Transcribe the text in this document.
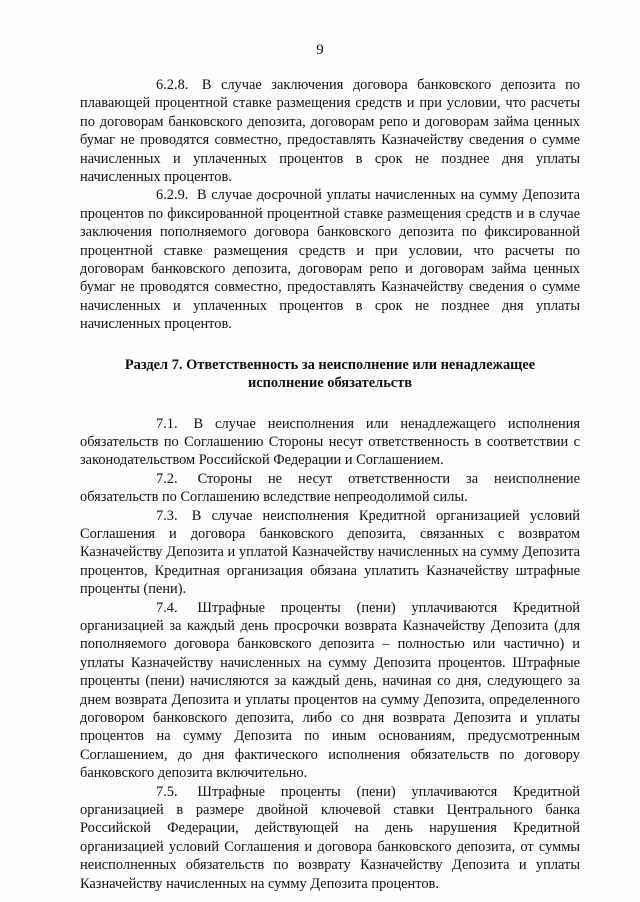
9

6.2.8. В случае заключения договора банковского депозита по плавающей процентной ставке размещения средств и при условии, что расчеты по договорам банковского депозита, договорам репо и договорам займа ценных бумаг не проводятся совместно, предоставлять Казначейству сведения о сумме начисленных и уплаченных процентов в срок не позднее дня уплаты начисленных процентов.

6.2.9. В случае досрочной уплаты начисленных на сумму Депозита процентов по фиксированной процентной ставке размещения средств и в случае заключения пополняемого договора банковского депозита по фиксированной процентной ставке размещения средств и при условии, что расчеты по договорам банковского депозита, договорам репо и договорам займа ценных бумаг не проводятся совместно, предоставлять Казначейству сведения о сумме начисленных и уплаченных процентов в срок не позднее дня уплаты начисленных процентов.

Раздел 7. Ответственность за неисполнение или ненадлежащее исполнение обязательств

7.1. В случае неисполнения или ненадлежащего исполнения обязательств по Соглашению Стороны несут ответственность в соответствии с законодательством Российской Федерации и Соглашением.

7.2. Стороны не несут ответственности за неисполнение обязательств по Соглашению вследствие непреодолимой силы.

7.3. В случае неисполнения Кредитной организацией условий Соглашения и договора банковского депозита, связанных с возвратом Казначейству Депозита и уплатой Казначейству начисленных на сумму Депозита процентов, Кредитная организация обязана уплатить Казначейству штрафные проценты (пени).

7.4. Штрафные проценты (пени) уплачиваются Кредитной организацией за каждый день просрочки возврата Казначейству Депозита (для пополняемого договора банковского депозита – полностью или частично) и уплаты Казначейству начисленных на сумму Депозита процентов. Штрафные проценты (пени) начисляются за каждый день, начиная со дня, следующего за днем возврата Депозита и уплаты процентов на сумму Депозита, определенного договором банковского депозита, либо со дня возврата Депозита и уплаты процентов на сумму Депозита по иным основаниям, предусмотренным Соглашением, до дня фактического исполнения обязательств по договору банковского депозита включительно.

7.5. Штрафные проценты (пени) уплачиваются Кредитной организацией в размере двойной ключевой ставки Центрального банка Российской Федерации, действующей на день нарушения Кредитной организацией условий Соглашения и договора банковского депозита, от суммы неисполненных обязательств по возврату Казначейству Депозита и уплаты Казначейству начисленных на сумму Депозита процентов.
